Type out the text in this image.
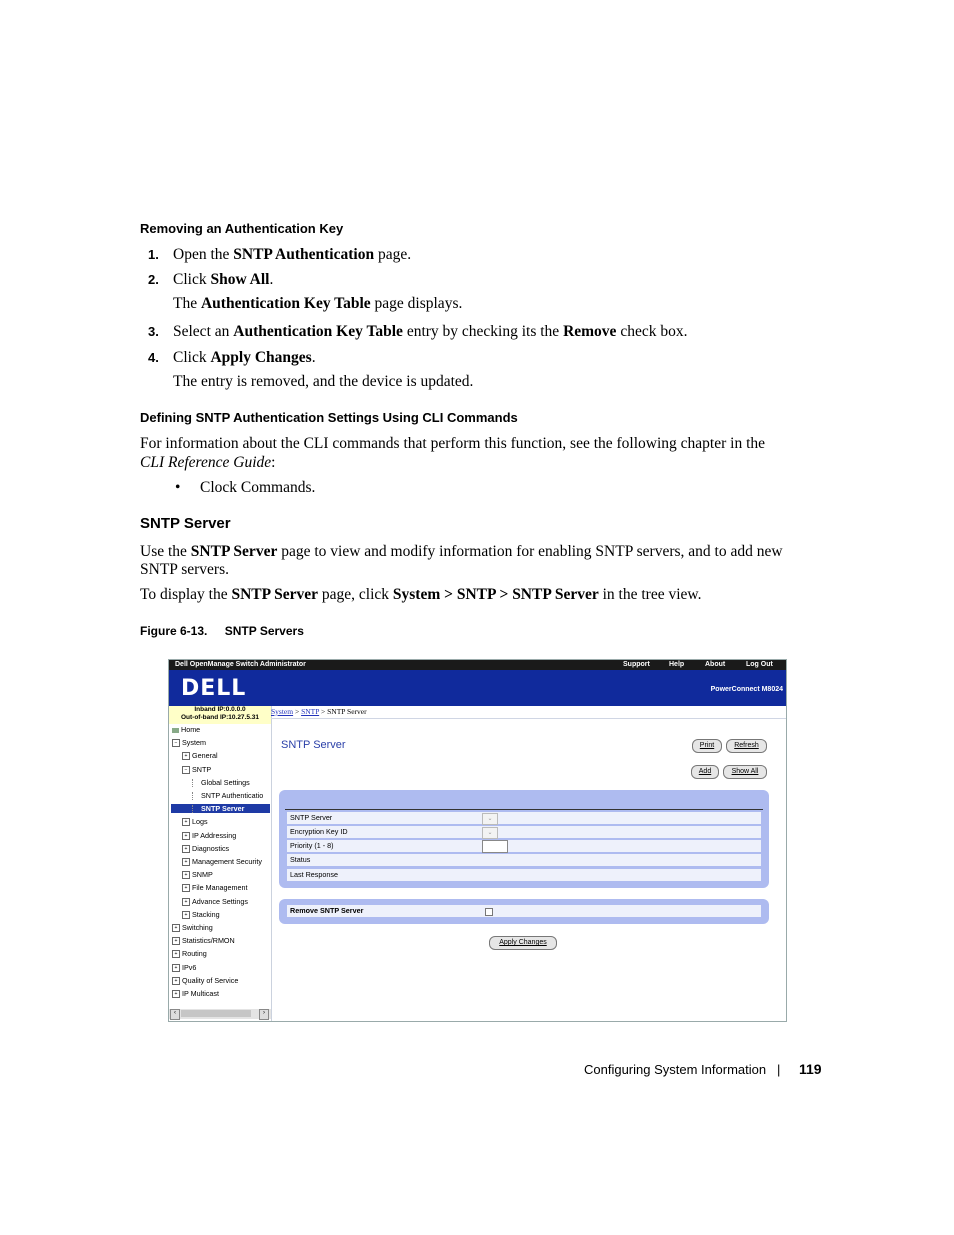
Removing an Authentication Key
1. Open the SNTP Authentication page.
2. Click Show All.
The Authentication Key Table page displays.
3. Select an Authentication Key Table entry by checking its the Remove check box.
4. Click Apply Changes.
The entry is removed, and the device is updated.
Defining SNTP Authentication Settings Using CLI Commands
For information about the CLI commands that perform this function, see the following chapter in the
CLI Reference Guide:
• Clock Commands.
SNTP Server
Use the SNTP Server page to view and modify information for enabling SNTP servers, and to add new
SNTP servers.
To display the SNTP Server page, click System > SNTP > SNTP Server in the tree view.
Figure 6-13. SNTP Servers
Dell OpenManage Switch Administrator	Support	Help	About	Log Out
DELL	PowerConnect M8024
Inband IP:0.0.0.0
Out-of-band IP:10.27.5.31
Home
− System
+ General
− SNTP
Global Settings
SNTP Authenticatio
SNTP Server
+ Logs
+ IP Addressing
+ Diagnostics
+ Management Security
+ SNMP
+ File Management
+ Advance Settings
+ Stacking
+ Switching
+ Statistics/RMON
+ Routing
+ IPv6
+ Quality of Service
+ IP Multicast
‹	›
System > SNTP > SNTP Server
SNTP Server	Print	Refresh
Add	Show All
SNTP Server	⌄
Encryption Key ID	⌄
Priority (1 - 8)
Status
Last Response
Remove SNTP Server
Apply Changes
Configuring System Information | 119
